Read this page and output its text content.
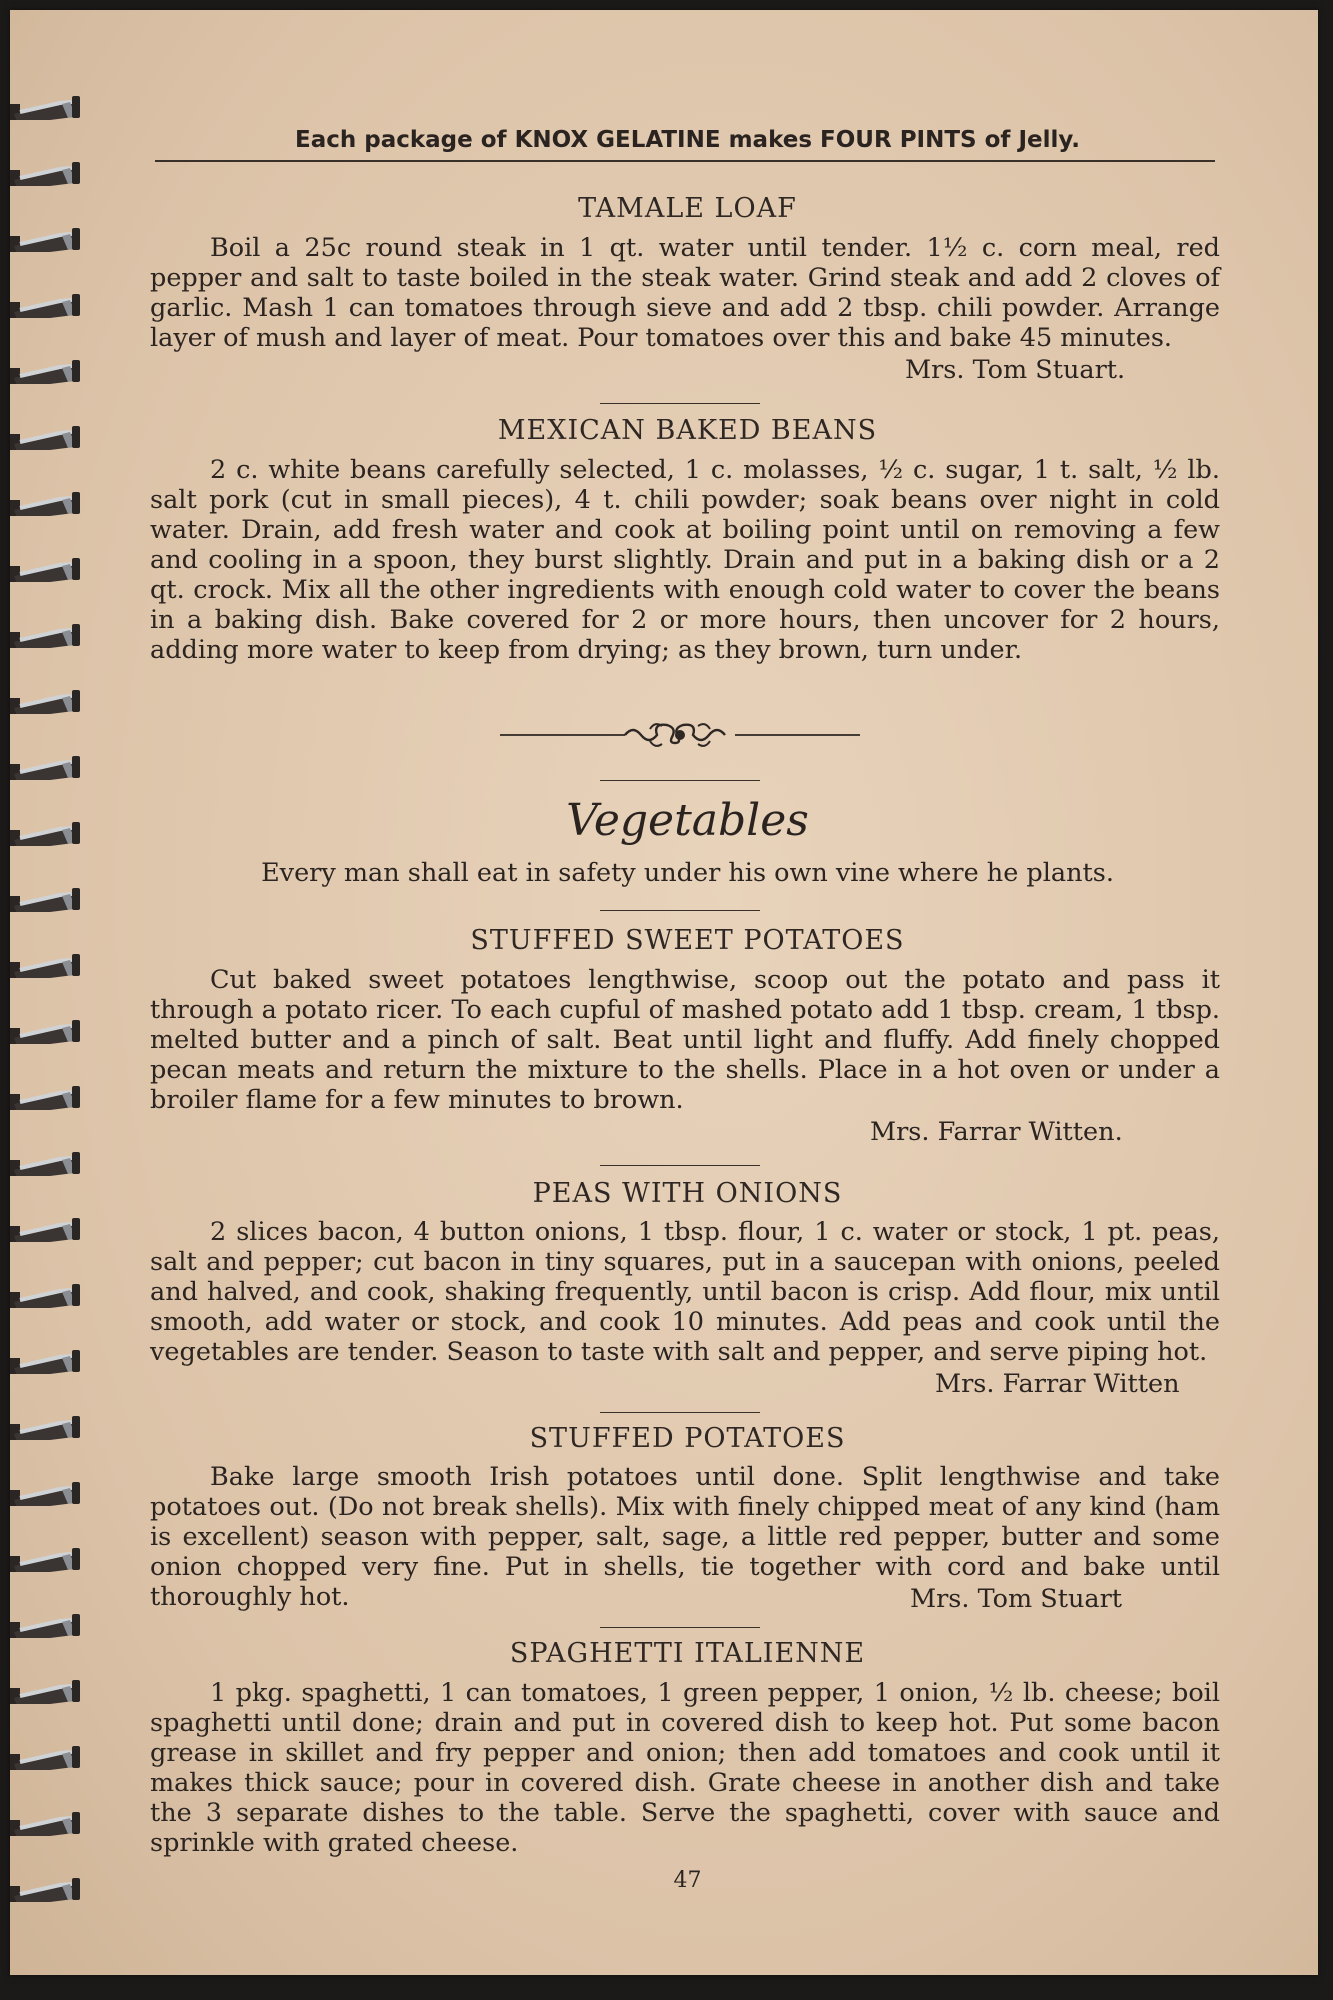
Each package of KNOX GELATINE makes FOUR PINTS of Jelly.
TAMALE LOAF

Boil a 25c round steak in 1 qt. water until tender. 1½ c. corn meal, red pepper and salt to taste boiled in the steak water. Grind steak and add 2 cloves of garlic. Mash 1 can tomatoes through sieve and add 2 tbsp. chili powder. Arrange layer of mush and layer of meat. Pour tomatoes over this and bake 45 minutes.

Mrs. Tom Stuart.
MEXICAN BAKED BEANS

2 c. white beans carefully selected, 1 c. molasses, ½ c. sugar, 1 t. salt, ½ lb. salt pork (cut in small pieces), 4 t. chili powder; soak beans over night in cold water. Drain, add fresh water and cook at boiling point until on removing a few and cooling in a spoon, they burst slightly. Drain and put in a baking dish or a 2 qt. crock. Mix all the other ingredients with enough cold water to cover the beans in a baking dish. Bake covered for 2 or more hours, then uncover for 2 hours, adding more water to keep from drying; as they brown, turn under.

Vegetables
Every man shall eat in safety under his own vine where he plants.
STUFFED SWEET POTATOES

Cut baked sweet potatoes lengthwise, scoop out the potato and pass it through a potato ricer. To each cupful of mashed potato add 1 tbsp. cream, 1 tbsp. melted butter and a pinch of salt. Beat until light and fluffy. Add finely chopped pecan meats and return the mixture to the shells. Place in a hot oven or under a broiler flame for a few minutes to brown.

Mrs. Farrar Witten.
PEAS WITH ONIONS

2 slices bacon, 4 button onions, 1 tbsp. flour, 1 c. water or stock, 1 pt. peas, salt and pepper; cut bacon in tiny squares, put in a saucepan with onions, peeled and halved, and cook, shaking frequently, until bacon is crisp. Add flour, mix until smooth, add water or stock, and cook 10 minutes. Add peas and cook until the vegetables are tender. Season to taste with salt and pepper, and serve piping hot.

Mrs. Farrar Witten
STUFFED POTATOES

Bake large smooth Irish potatoes until done. Split lengthwise and take potatoes out. (Do not break shells). Mix with finely chipped meat of any kind (ham is excellent) season with pepper, salt, sage, a little red pepper, butter and some onion chopped very fine. Put in shells, tie together with cord and bake until thoroughly hot.	Mrs. Tom Stuart
SPAGHETTI ITALIENNE

1 pkg. spaghetti, 1 can tomatoes, 1 green pepper, 1 onion, ½ lb. cheese; boil spaghetti until done; drain and put in covered dish to keep hot. Put some bacon grease in skillet and fry pepper and onion; then add tomatoes and cook until it makes thick sauce; pour in covered dish. Grate cheese in another dish and take the 3 separate dishes to the table. Serve the spaghetti, cover with sauce and sprinkle with grated cheese.

47
